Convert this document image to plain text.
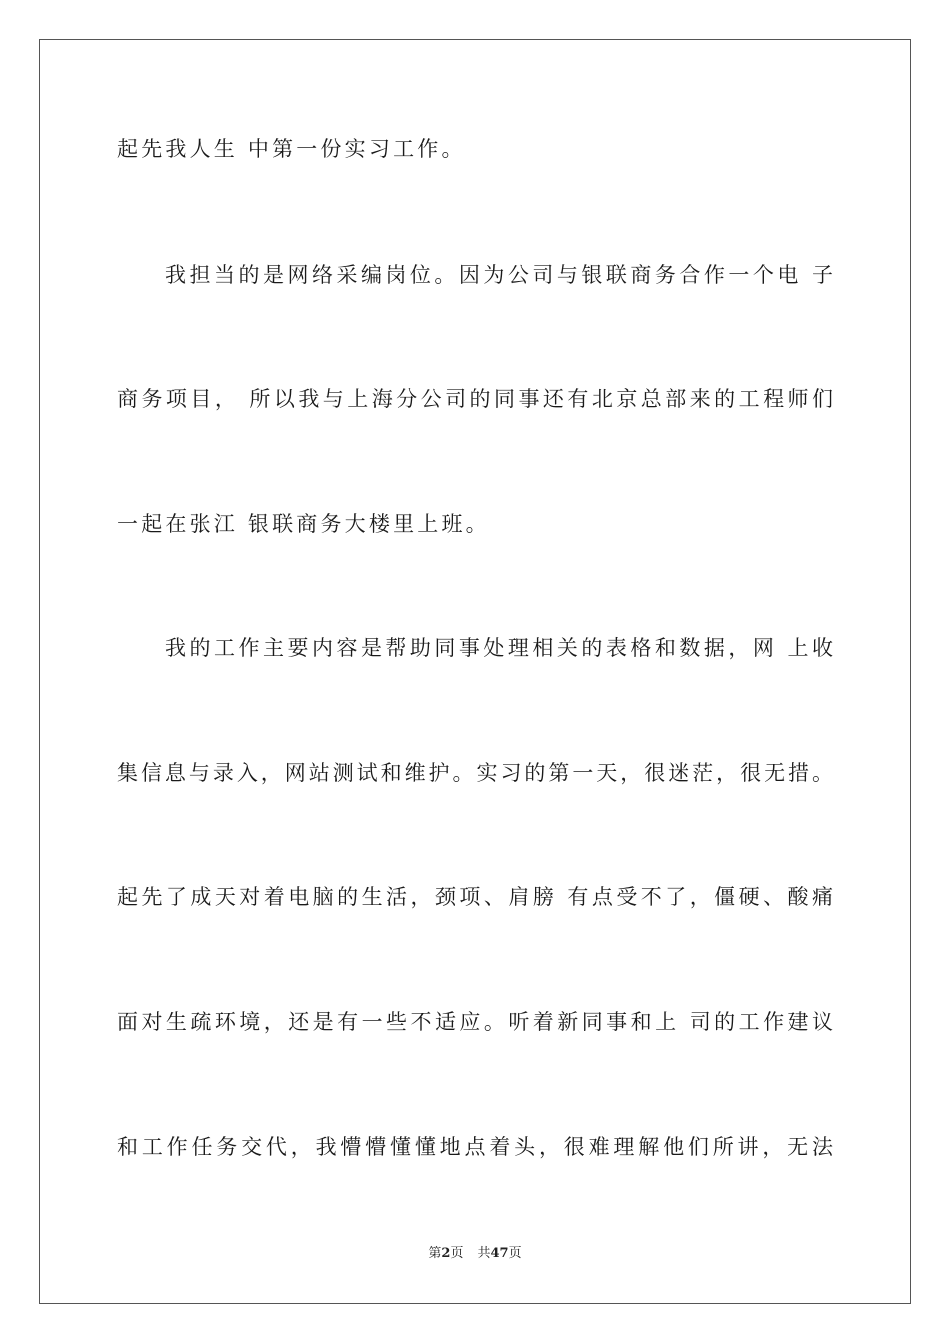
起先我人生 中第一份实习工作。
我担当的是网络采编岗位。因为公司与银联商务合作一个电 子
商务项目， 所以我与上海分公司的同事还有北京总部来的工程师们
一起在张江 银联商务大楼里上班。
我的工作主要内容是帮助同事处理相关的表格和数据，网 上收
集信息与录入，网站测试和维护。实习的第一天，很迷茫，很无措。
起先了成天对着电脑的生活，颈项、肩膀 有点受不了，僵硬、酸痛
面对生疏环境，还是有一些不适应。听着新同事和上 司的工作建议
和工作任务交代，我懵懵懂懂地点着头，很难理解他们所讲，无法
第2页 共47页
